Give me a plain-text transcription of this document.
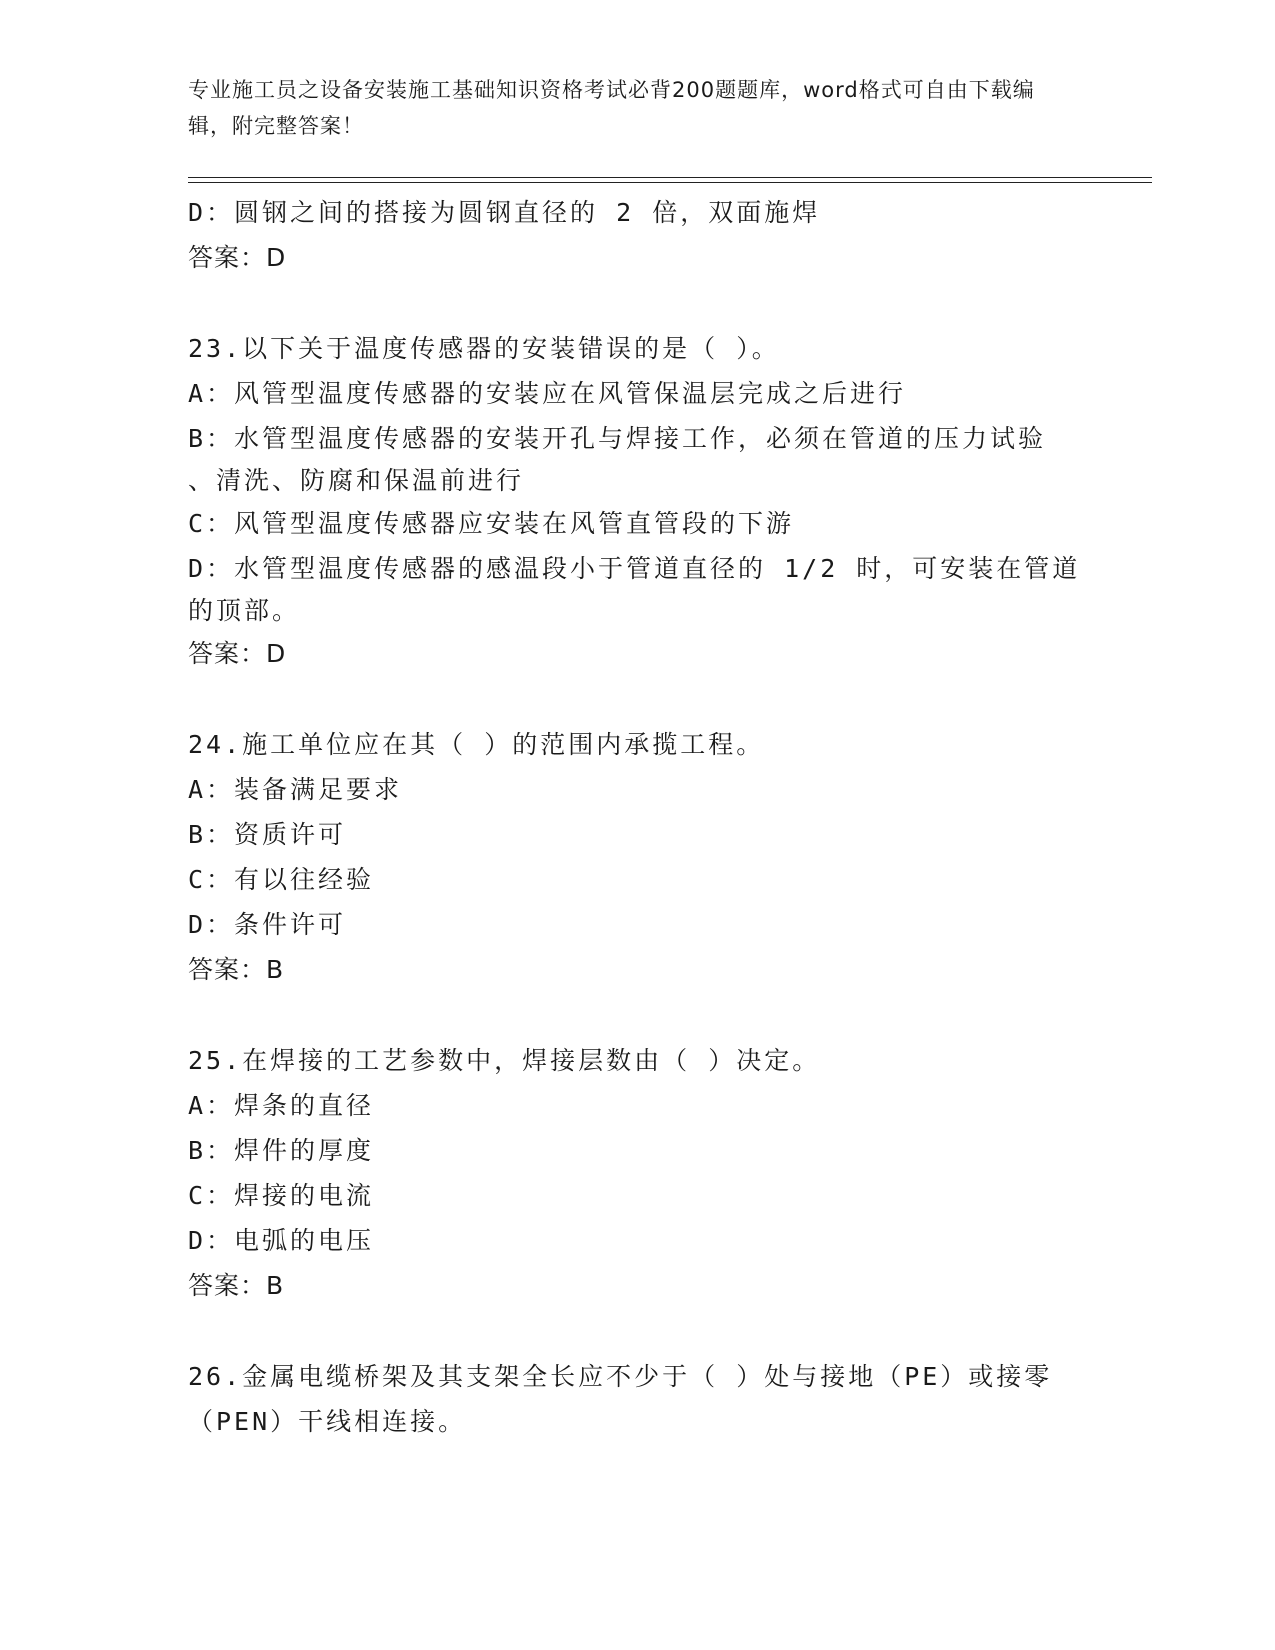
专业施工员之设备安装施工基础知识资格考试必背200题题库，word格式可自由下载编辑，附完整答案！

D：圆钢之间的搭接为圆钢直径的 2 倍，双面施焊

答案：D

23.以下关于温度传感器的安装错误的是（ ）。

A：风管型温度传感器的安装应在风管保温层完成之后进行

B：水管型温度传感器的安装开孔与焊接工作，必须在管道的压力试验

、清洗、防腐和保温前进行

C：风管型温度传感器应安装在风管直管段的下游

D：水管型温度传感器的感温段小于管道直径的 1/2 时，可安装在管道

的顶部。

答案：D

24.施工单位应在其（ ）的范围内承揽工程。

A：装备满足要求

B：资质许可

C：有以往经验

D：条件许可

答案：B

25.在焊接的工艺参数中，焊接层数由（ ）决定。

A：焊条的直径

B：焊件的厚度

C：焊接的电流

D：电弧的电压

答案：B

26.金属电缆桥架及其支架全长应不少于（ ）处与接地（PE）或接零

（PEN）干线相连接。
